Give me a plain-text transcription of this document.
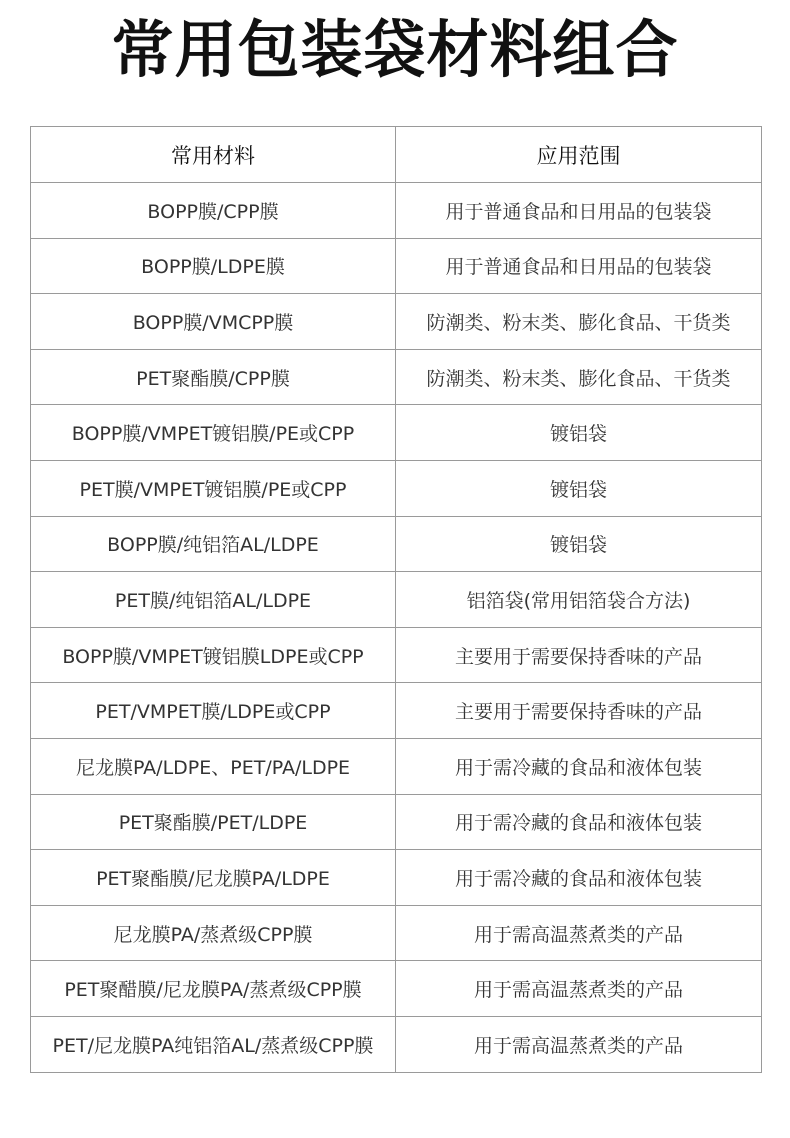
常用包装袋材料组合
常用材料	应用范围
BOPP膜/CPP膜	用于普通食品和日用品的包装袋
BOPP膜/LDPE膜	用于普通食品和日用品的包装袋
BOPP膜/VMCPP膜	防潮类、粉末类、膨化食品、干货类
PET聚酯膜/CPP膜	防潮类、粉末类、膨化食品、干货类
BOPP膜/VMPET镀铝膜/PE或CPP	镀铝袋
PET膜/VMPET镀铝膜/PE或CPP	镀铝袋
BOPP膜/纯铝箔AL/LDPE	镀铝袋
PET膜/纯铝箔AL/LDPE	铝箔袋(常用铝箔袋合方法)
BOPP膜/VMPET镀铝膜LDPE或CPP	主要用于需要保持香味的产品
PET/VMPET膜/LDPE或CPP	主要用于需要保持香味的产品
尼龙膜PA/LDPE、PET/PA/LDPE	用于需冷藏的食品和液体包装
PET聚酯膜/PET/LDPE	用于需冷藏的食品和液体包装
PET聚酯膜/尼龙膜PA/LDPE	用于需冷藏的食品和液体包装
尼龙膜PA/蒸煮级CPP膜	用于需高温蒸煮类的产品
PET聚醋膜/尼龙膜PA/蒸煮级CPP膜	用于需高温蒸煮类的产品
PET/尼龙膜PA纯铝箔AL/蒸煮级CPP膜	用于需高温蒸煮类的产品
